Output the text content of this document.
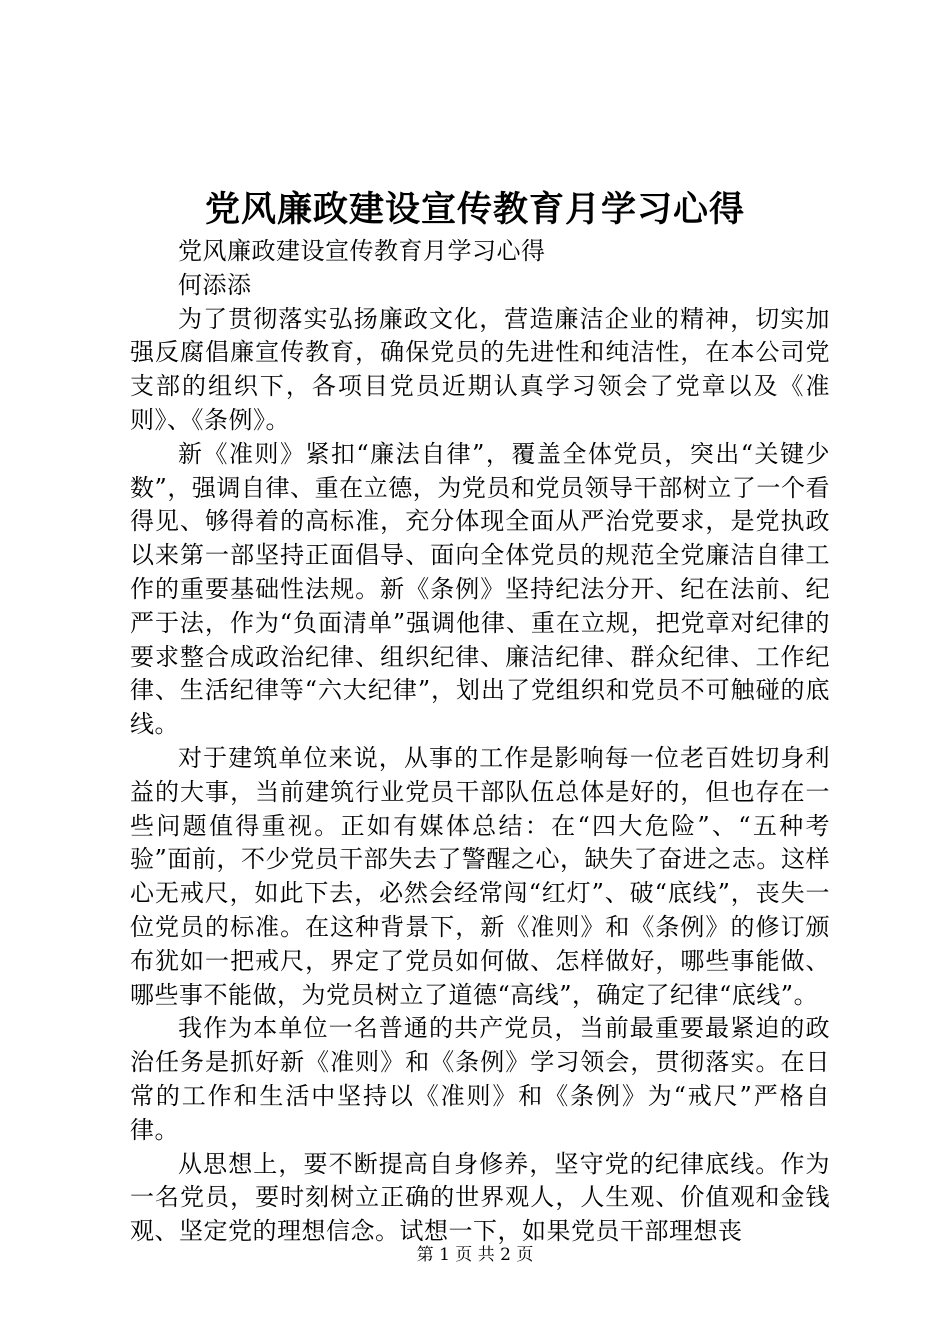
党风廉政建设宣传教育月学习心得

党风廉政建设宣传教育月学习心得

何添添

为了贯彻落实弘扬廉政文化，营造廉洁企业的精神，切实加强反腐倡廉宣传教育，确保党员的先进性和纯洁性，在本公司党支部的组织下，各项目党员近期认真学习领会了党章以及《准则》、《条例》。

新《准则》紧扣“廉法自律”，覆盖全体党员，突出“关键少数”，强调自律、重在立德，为党员和党员领导干部树立了一个看得见、够得着的高标准，充分体现全面从严治党要求，是党执政以来第一部坚持正面倡导、面向全体党员的规范全党廉洁自律工作的重要基础性法规。新《条例》坚持纪法分开、纪在法前、纪严于法，作为“负面清单”强调他律、重在立规，把党章对纪律的要求整合成政治纪律、组织纪律、廉洁纪律、群众纪律、工作纪律、生活纪律等“六大纪律”，划出了党组织和党员不可触碰的底线。

对于建筑单位来说，从事的工作是影响每一位老百姓切身利益的大事，当前建筑行业党员干部队伍总体是好的，但也存在一些问题值得重视。正如有媒体总结：在“四大危险”、“五种考验”面前，不少党员干部失去了警醒之心，缺失了奋进之志。这样心无戒尺，如此下去，必然会经常闯“红灯”、破“底线”，丧失一位党员的标准。在这种背景下，新《准则》和《条例》的修订颁布犹如一把戒尺，界定了党员如何做、怎样做好，哪些事能做、哪些事不能做，为党员树立了道德“高线”，确定了纪律“底线”。

我作为本单位一名普通的共产党员，当前最重要最紧迫的政治任务是抓好新《准则》和《条例》学习领会，贯彻落实。在日常的工作和生活中坚持以《准则》和《条例》为“戒尺”严格自律。

从思想上，要不断提高自身修养，坚守党的纪律底线。作为一名党员，要时刻树立正确的世界观人，人生观、价值观和金钱观、坚定党的理想信念。试想一下，如果党员干部理想丧

第 1 页 共 2 页
